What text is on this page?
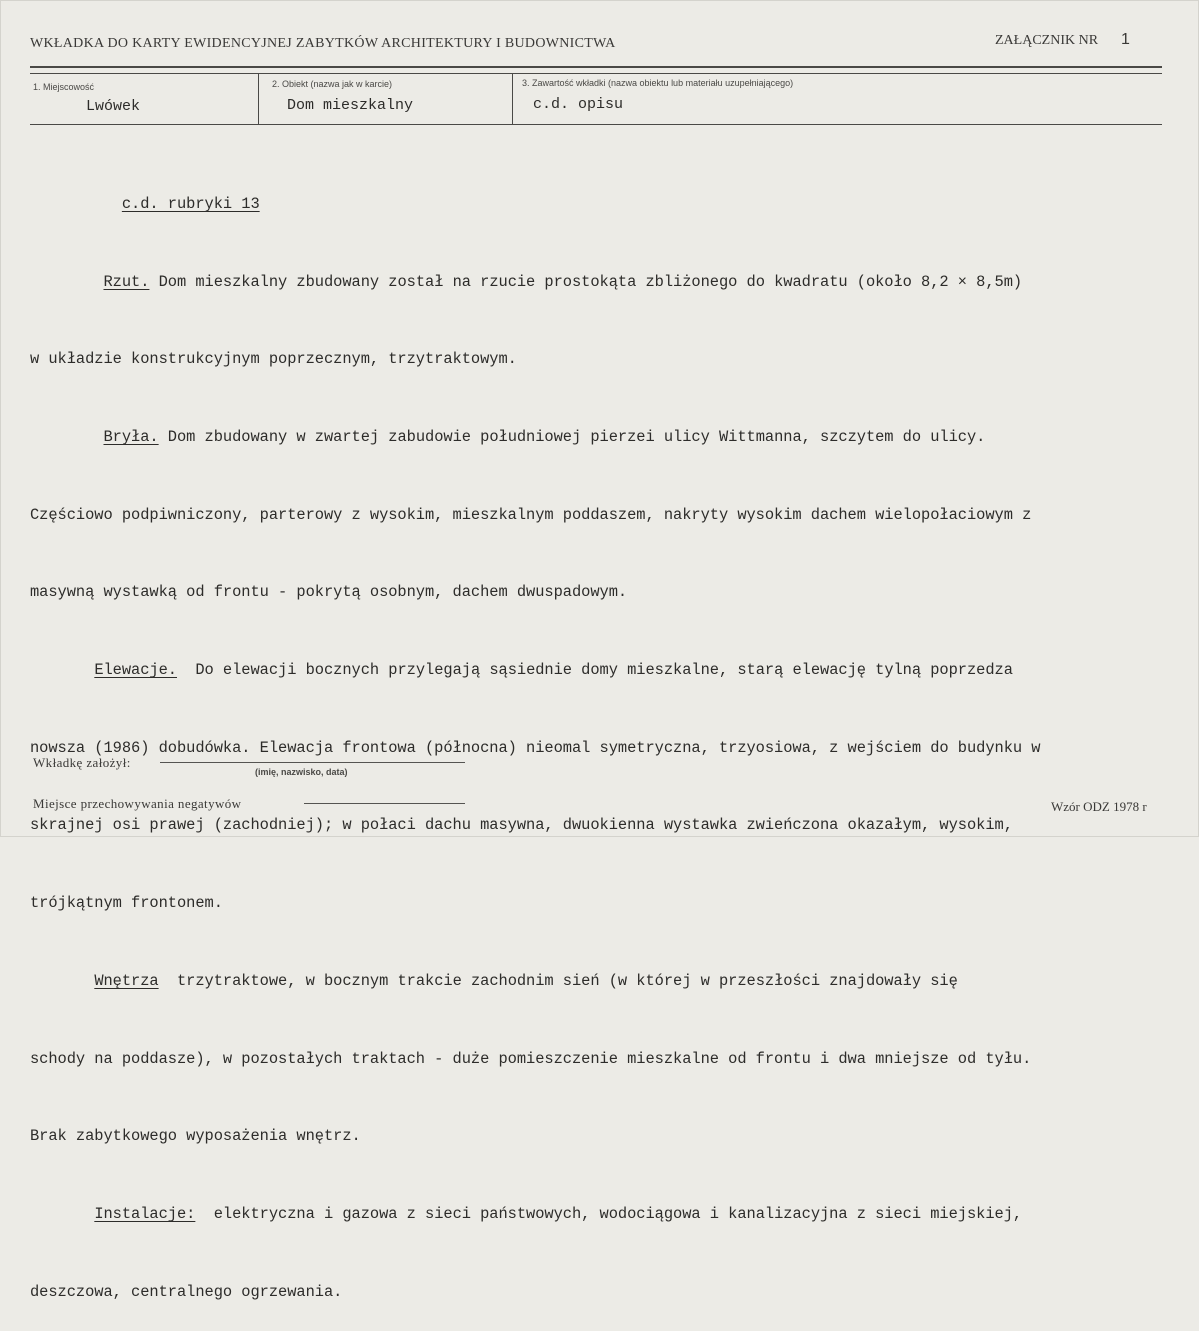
WKŁADKA DO KARTY EWIDENCYJNEJ ZABYTKÓW ARCHITEKTURY I BUDOWNICTWA	ZAŁĄCZNIK NR 1
1. Miejscowość
Lwówek
2. Obiekt (nazwa jak w karcie)
Dom mieszkalny
3. Zawartość wkładki (nazwa obiektu lub materiału uzupełniającego)
c.d. opisu

c.d. rubryki 13

Rzut. Dom mieszkalny zbudowany został na rzucie prostokąta zbliżonego do kwadratu (około 8,2 × 8,5m)

w układzie konstrukcyjnym poprzecznym, trzytraktowym.

Bryła. Dom zbudowany w zwartej zabudowie południowej pierzei ulicy Wittmanna, szczytem do ulicy.

Częściowo podpiwniczony, parterowy z wysokim, mieszkalnym poddaszem, nakryty wysokim dachem wielopołaciowym z

masywną wystawką od frontu - pokrytą osobnym, dachem dwuspadowym.

Elewacje.  Do elewacji bocznych przylegają sąsiednie domy mieszkalne, starą elewację tylną poprzedza

nowsza (1986) dobudówka. Elewacja frontowa (północna) nieomal symetryczna, trzyosiowa, z wejściem do budynku w

skrajnej osi prawej (zachodniej); w połaci dachu masywna, dwuokienna wystawka zwieńczona okazałym, wysokim,

trójkątnym frontonem.

Wnętrza  trzytraktowe, w bocznym trakcie zachodnim sień (w której w przeszłości znajdowały się

schody na poddasze), w pozostałych traktach - duże pomieszczenie mieszkalne od frontu i dwa mniejsze od tyłu.

Brak zabytkowego wyposażenia wnętrz.

Instalacje:  elektryczna i gazowa z sieci państwowych, wodociągowa i kanalizacyjna z sieci miejskiej,

deszczowa, centralnego ogrzewania.

Wkładkę założył:
(imię, nazwisko, data)
Miejsce przechowywania negatywów	Wzór ODZ 1978 r
